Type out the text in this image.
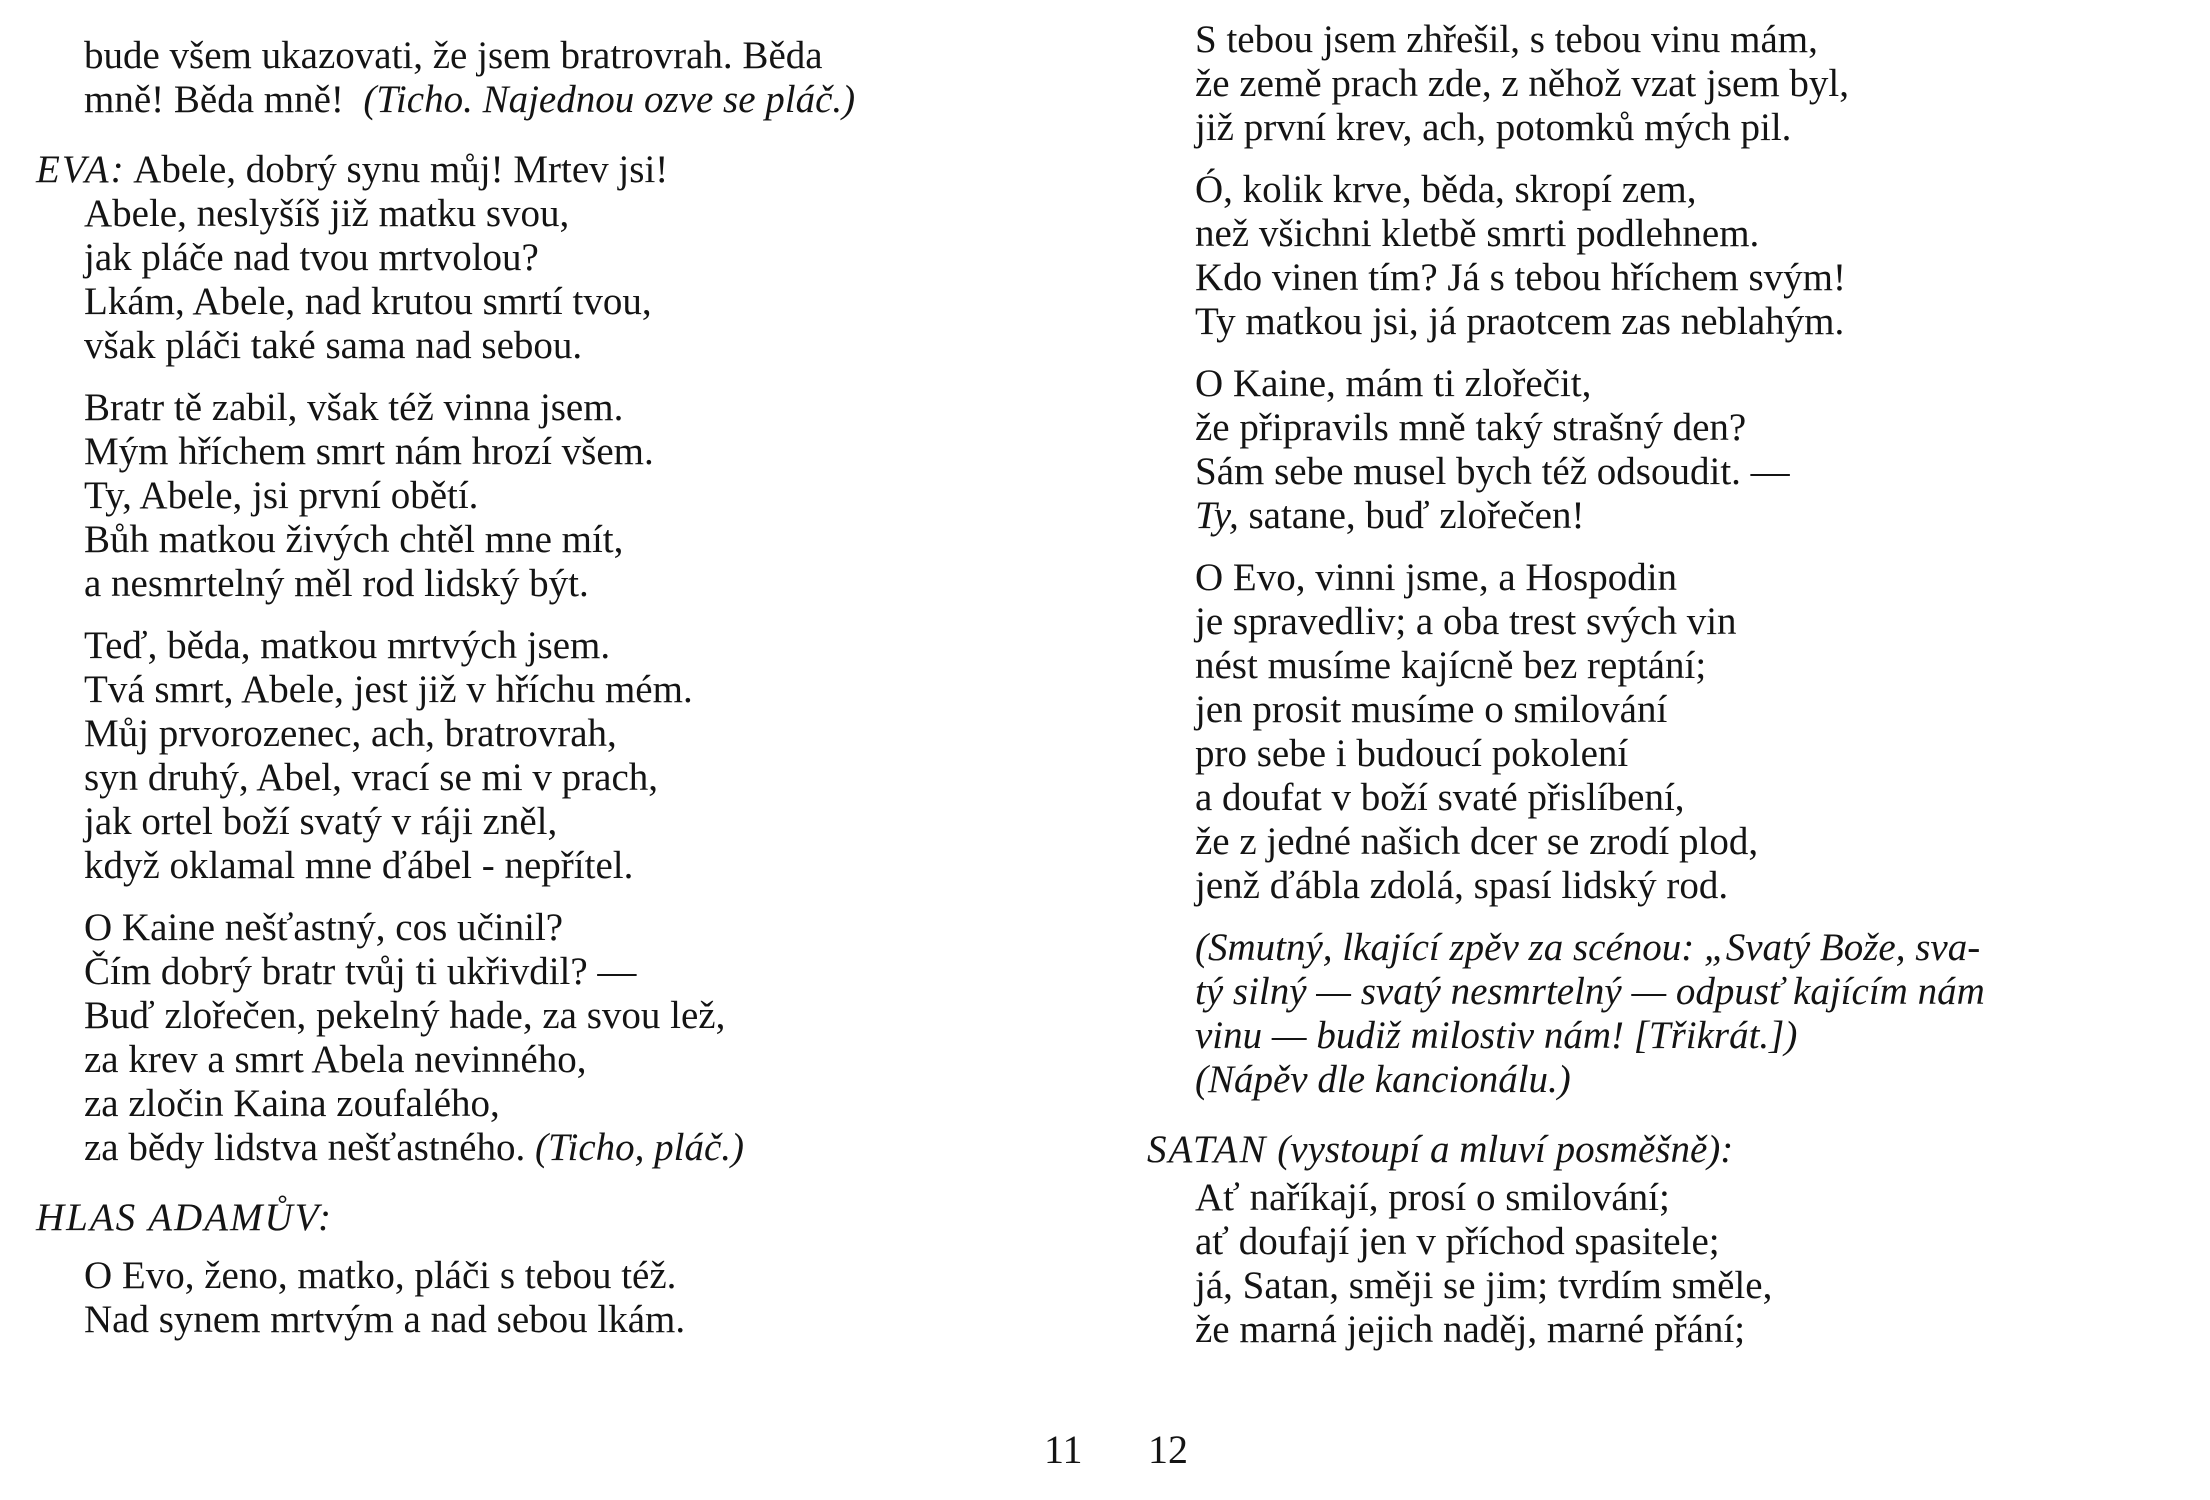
bude všem ukazovati, že jsem bratrovrah. Běda
mně! Běda mně! (Ticho. Najednou ozve se pláč.)
EVA: Abele, dobrý synu můj! Mrtev jsi!
Abele, neslyšíš již matku svou,
jak pláče nad tvou mrtvolou?
Lkám, Abele, nad krutou smrtí tvou,
však pláči také sama nad sebou.
Bratr tě zabil, však též vinna jsem.
Mým hříchem smrt nám hrozí všem.
Ty, Abele, jsi první obětí.
Bůh matkou živých chtěl mne mít,
a nesmrtelný měl rod lidský být.
Teď, běda, matkou mrtvých jsem.
Tvá smrt, Abele, jest již v hříchu mém.
Můj prvorozenec, ach, bratrovrah,
syn druhý, Abel, vrací se mi v prach,
jak ortel boží svatý v ráji zněl,
když oklamal mne ďábel - nepřítel.
O Kaine nešťastný, cos učinil?
Čím dobrý bratr tvůj ti ukřivdil? —
Buď zlořečen, pekelný hade, za svou lež,
za krev a smrt Abela nevinného,
za zločin Kaina zoufalého,
za bědy lidstva nešťastného. (Ticho, pláč.)
HLAS ADAMŮV:
O Evo, ženo, matko, pláči s tebou též.
Nad synem mrtvým a nad sebou lkám.
11
S tebou jsem zhřešil, s tebou vinu mám,
že země prach zde, z něhož vzat jsem byl,
již první krev, ach, potomků mých pil.
Ó, kolik krve, běda, skropí zem,
než všichni kletbě smrti podlehnem.
Kdo vinen tím? Já s tebou hříchem svým!
Ty matkou jsi, já praotcem zas neblahým.
O Kaine, mám ti zlořečit,
že připravils mně taký strašný den?
Sám sebe musel bych též odsoudit. —
Ty, satane, buď zlořečen!
O Evo, vinni jsme, a Hospodin
je spravedliv; a oba trest svých vin
nést musíme kajícně bez reptání;
jen prosit musíme o smilování
pro sebe i budoucí pokolení
a doufat v boží svaté přislíbení,
že z jedné našich dcer se zrodí plod,
jenž ďábla zdolá, spasí lidský rod.
(Smutný, lkající zpěv za scénou: „Svatý Bože, sva-
tý silný — svatý nesmrtelný — odpusť kajícím nám
vinu — budiž milostiv nám! [Třikrát.])
(Nápěv dle kancionálu.)
SATAN (vystoupí a mluví posměšně):
Ať naříkají, prosí o smilování;
ať doufají jen v příchod spasitele;
já, Satan, směji se jim; tvrdím směle,
že marná jejich naděj, marné přání;
12
